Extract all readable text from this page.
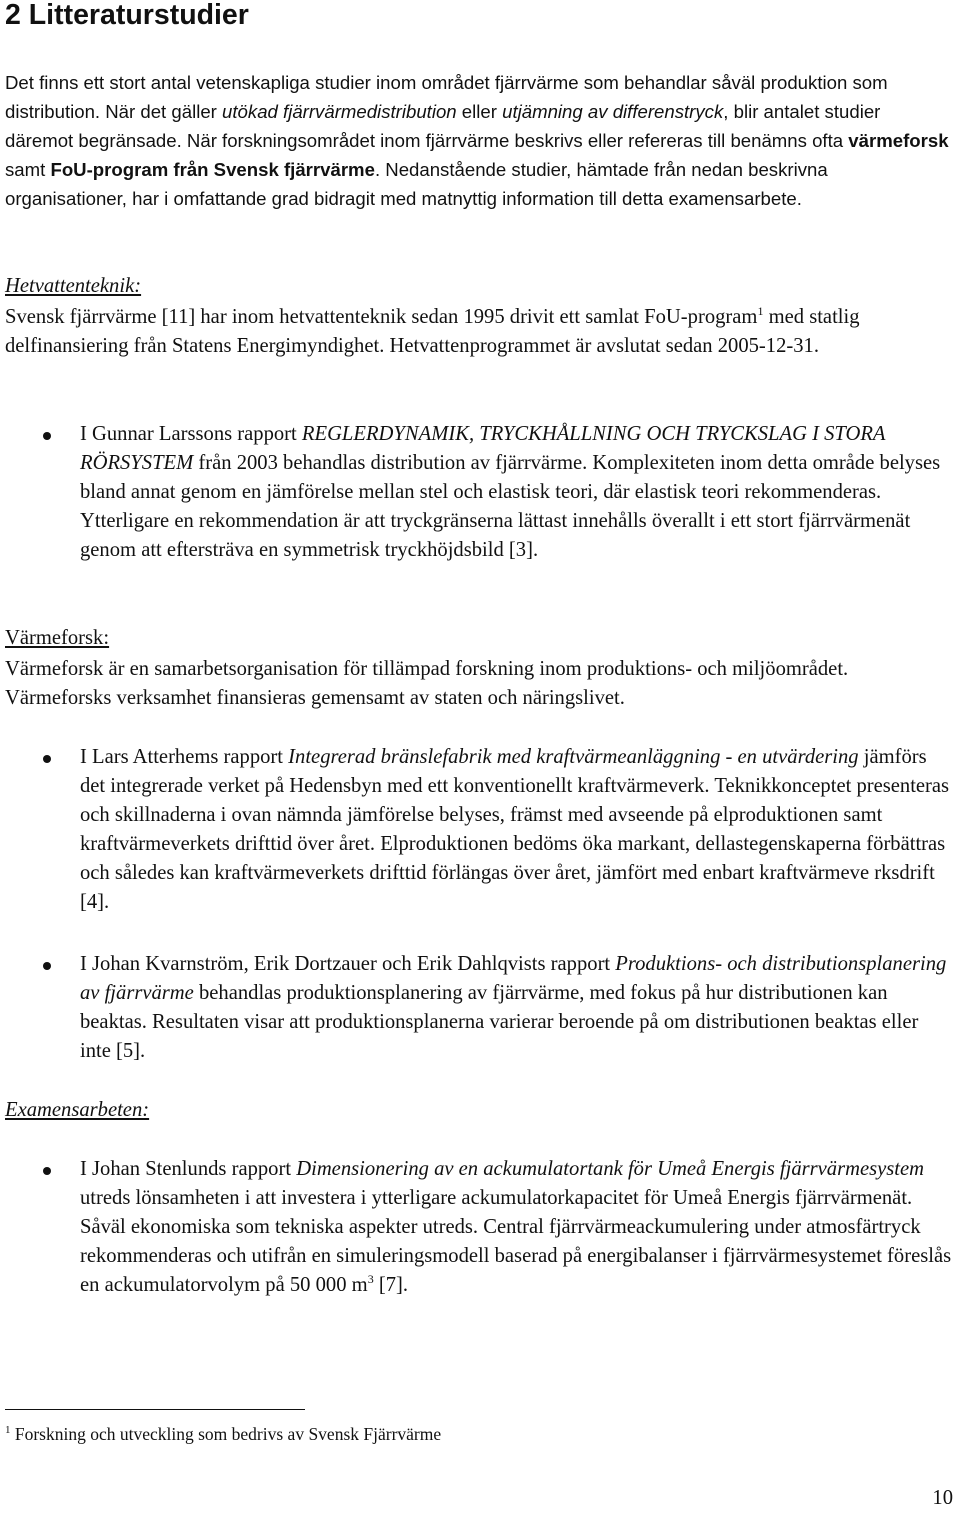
2 Litteraturstudier

Det finns ett stort antal vetenskapliga studier inom området fjärrvärme som behandlar såväl produktion som distribution. När det gäller utökad fjärrvärmedistribution eller utjämning av differenstryck, blir antalet studier däremot begränsade. När forskningsområdet inom fjärrvärme beskrivs eller refereras till benämns ofta värmeforsk samt FoU-program från Svensk fjärrvärme. Nedanstående studier, hämtade från nedan beskrivna organisationer, har i omfattande grad bidragit med matnyttig information till detta examensarbete.

Hetvattenteknik:

Svensk fjärrvärme [11] har inom hetvattenteknik sedan 1995 drivit ett samlat FoU-program$^1$ med statlig delfinansiering från Statens Energimyndighet. Hetvattenprogrammet är avslutat sedan 2005-12-31.

I Gunnar Larssons rapport REGLERDYNAMIK, TRYCKHÅLLNING OCH TRYCKSLAG I STORA RÖRSYSTEM från 2003 behandlas distribution av fjärrvärme. Komplexiteten inom detta område belyses bland annat genom en jämförelse mellan stel och elastisk teori, där elastisk teori rekommenderas. Ytterligare en rekommendation är att tryckgränserna lättast innehålls överallt i ett stort fjärrvärmenät genom att eftersträva en symmetrisk tryckhöjdsbild [3].
Värmeforsk:

Värmeforsk är en samarbetsorganisation för tillämpad forskning inom produktions- och miljöområdet. Värmeforsks verksamhet finansieras gemensamt av staten och näringslivet.

I Lars Atterhems rapport Integrerad bränslefabrik med kraftvärmeanläggning - en utvärdering jämförs det integrerade verket på Hedensbyn med ett konventionellt kraftvärmeverk. Teknikkonceptet presenteras och skillnaderna i ovan nämnda jämförelse belyses, främst med avseende på elproduktionen samt kraftvärmeverkets drifttid över året. Elproduktionen bedöms öka markant, dellastegenskaperna förbättras och således kan kraftvärmeverkets drifttid förlängas över året, jämfört med enbart kraftvärmeve rksdrift [4].
I Johan Kvarnström, Erik Dortzauer och Erik Dahlqvists rapport Produktions- och distributionsplanering av fjärrvärme behandlas produktionsplanering av fjärrvärme, med fokus på hur distributionen kan beaktas. Resultaten visar att produktionsplanerna varierar beroende på om distributionen beaktas eller inte [5].
Examensarbeten:
I Johan Stenlunds rapport Dimensionering av en ackumulatortank för Umeå Energis fjärrvärmesystem utreds lönsamheten i att investera i ytterligare ackumulatorkapacitet för Umeå Energis fjärrvärmenät. Såväl ekonomiska som tekniska aspekter utreds. Central fjärrvärmeackumulering under atmosfärtryck rekommenderas och utifrån en simuleringsmodell baserad på energibalanser i fjärrvärmesystemet föreslås en ackumulatorvolym på 50 000 $m^3$ [7].
$^1$ Forskning och utveckling som bedrivs av Svensk Fjärrvärme
10
